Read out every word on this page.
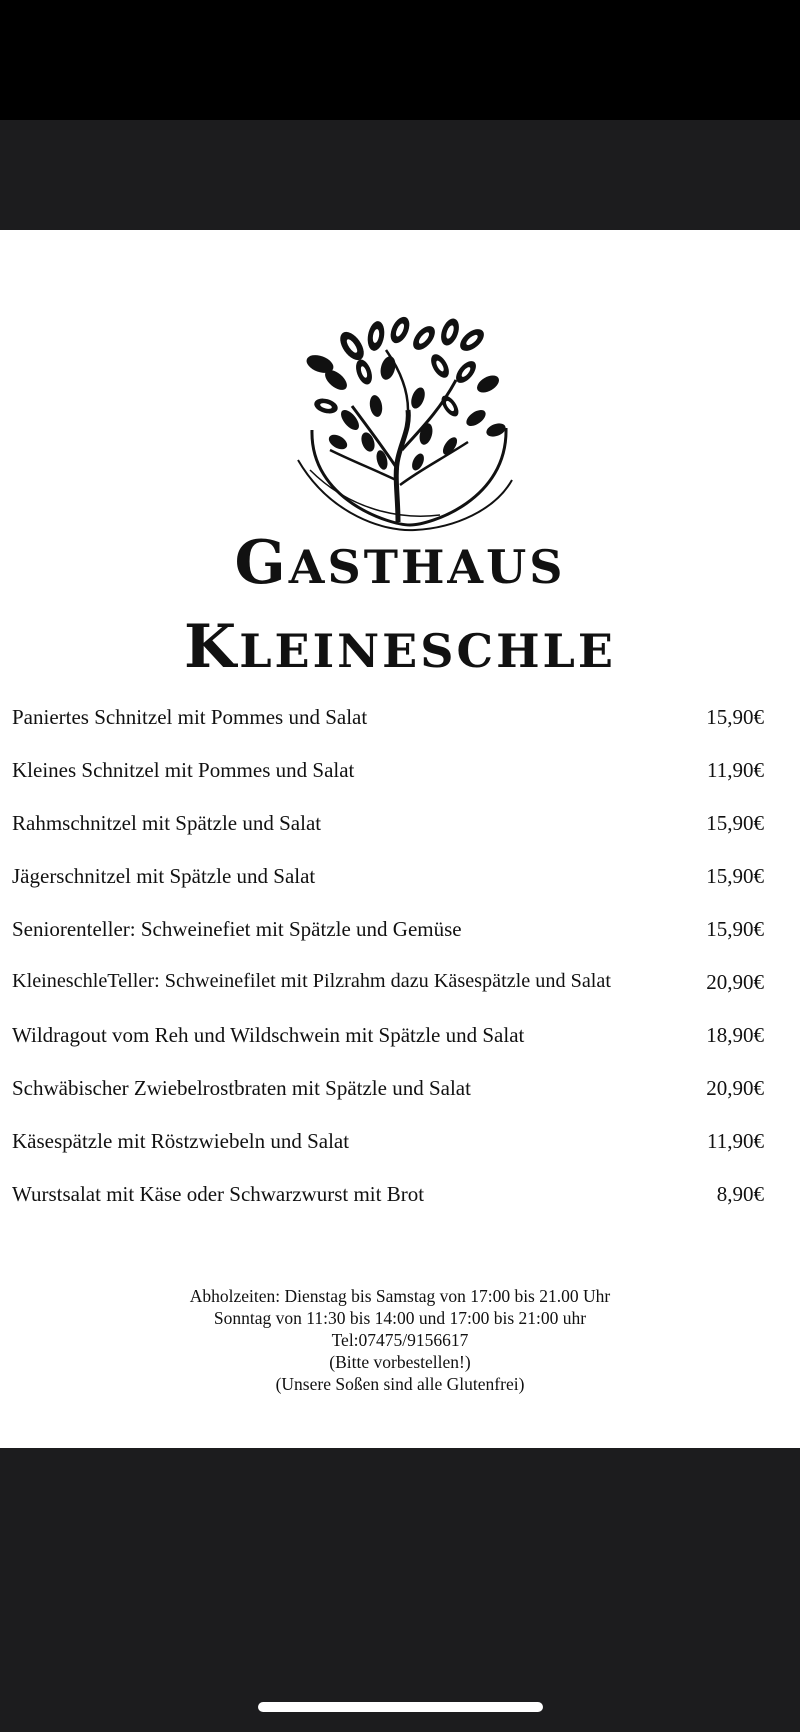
GASTHAUS
KLEINESCHLE
Paniertes Schnitzel mit Pommes und Salat	15,90€
Kleines Schnitzel mit Pommes und Salat	11,90€
Rahmschnitzel mit Spätzle und Salat	15,90€
Jägerschnitzel mit Spätzle und Salat	15,90€
Seniorenteller: Schweinefiet mit Spätzle und Gemüse	15,90€
KleineschleTeller: Schweinefilet mit Pilzrahm dazu Käsespätzle und Salat	20,90€
Wildragout vom Reh und Wildschwein mit Spätzle und Salat	18,90€
Schwäbischer Zwiebelrostbraten mit Spätzle und Salat	20,90€
Käsespätzle mit Röstzwiebeln und Salat	11,90€
Wurstsalat mit Käse oder Schwarzwurst mit Brot	8,90€
Abholzeiten: Dienstag bis Samstag von 17:00 bis 21.00 Uhr
Sonntag von 11:30 bis 14:00 und 17:00 bis 21:00 uhr
Tel:07475/9156617
(Bitte vorbestellen!)
(Unsere Soßen sind alle Glutenfrei)
